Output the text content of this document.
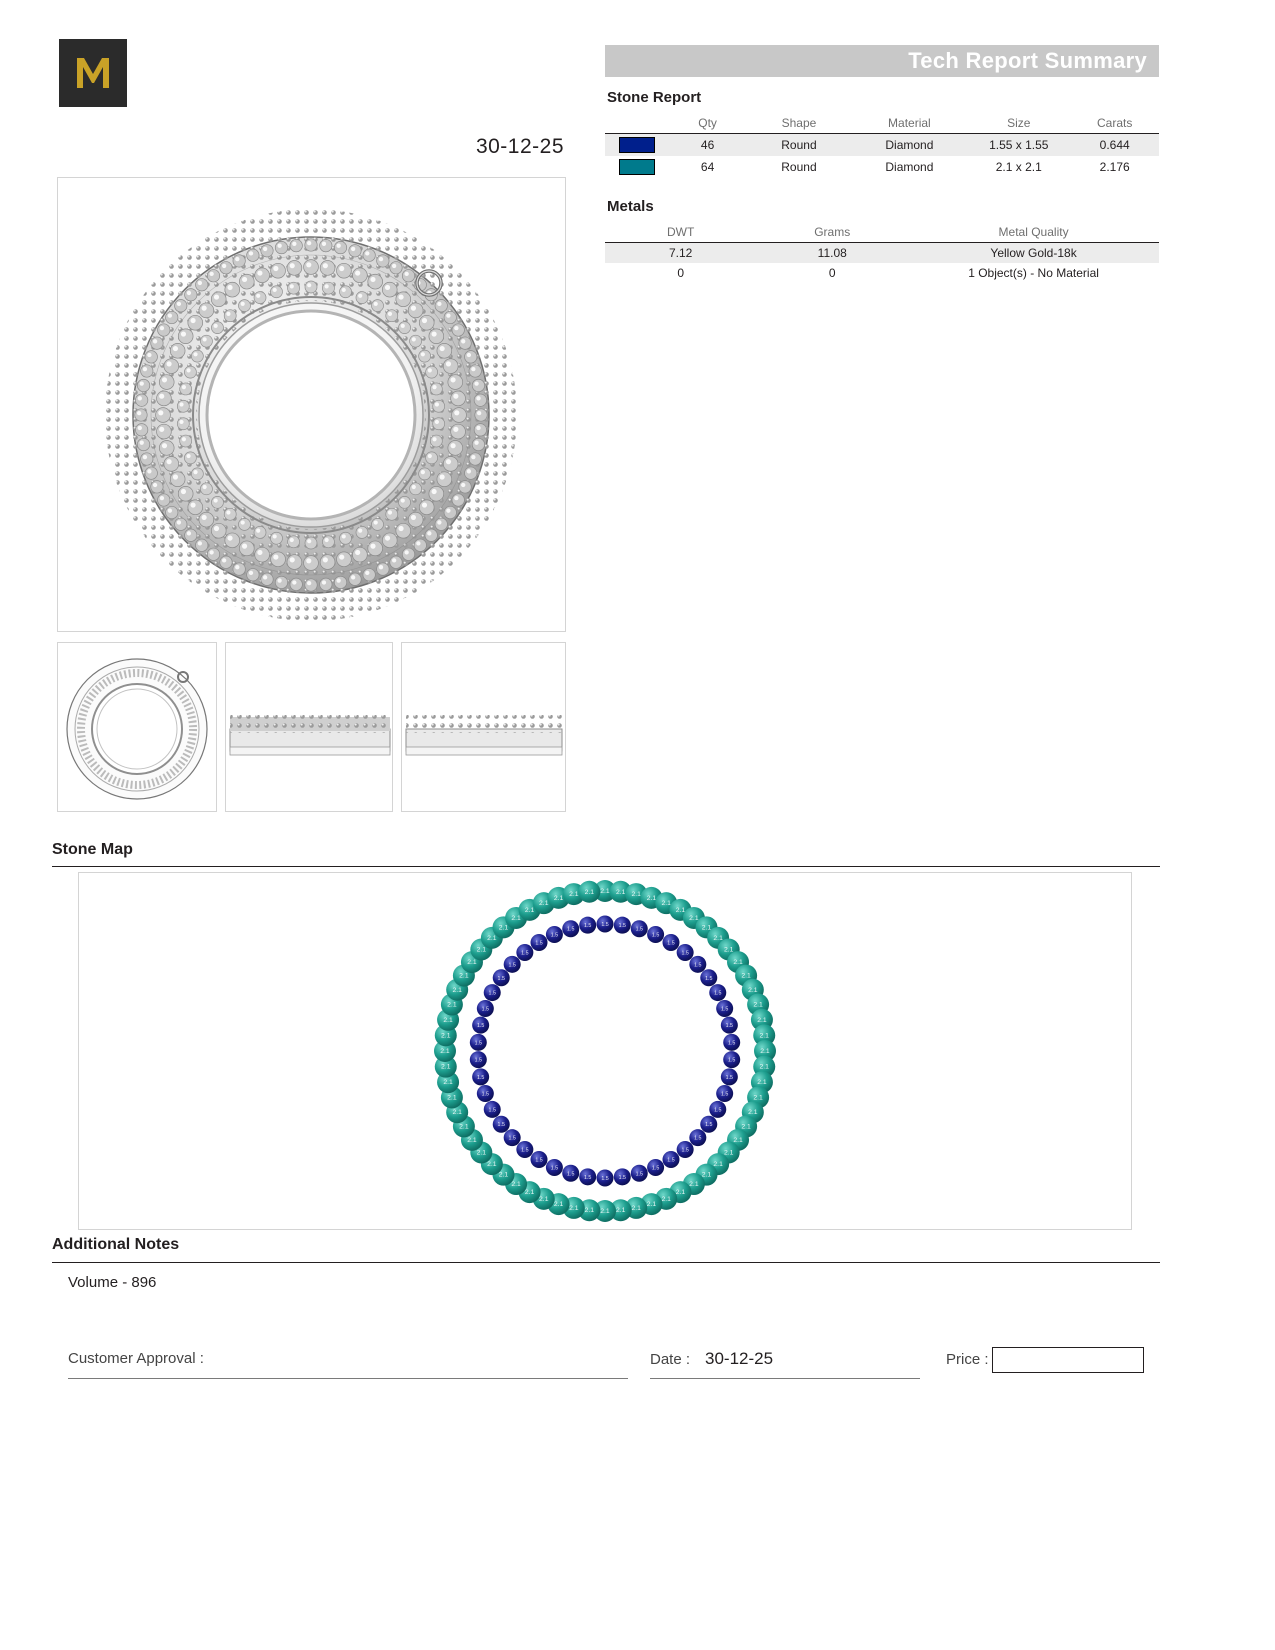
30-12-25
Tech Report Summary
Stone Report
	Qty	Shape	Material	Size	Carats
	46	Round	Diamond	1.55 x 1.55	0.644
	64	Round	Diamond	2.1 x 2.1	2.176
Metals
DWT	Grams	Metal Quality
7.12	11.08	Yellow Gold-18k
0	0	1 Object(s) - No Material
Stone Map
2.1 2.1 2.1
2.1
2.1
2.1
2.1
2.1
2.1
2.1
2.1
2.1
2.1
2.1
2.1
2.1
2.1
2.1
2.1
2.1
2.1
2.1
2.1
2.1
2.1
2.1
2.1
2.1
2.1
2.1
2.1
2.1
2.1
2.1
2.1
2.1
2.1
2.1
2.1
2.1
2.1
2.1
2.1
2.1
2.1
2.1
2.1
2.1
2.1
2.1
2.1
2.1
2.1
2.1
2.1
2.1
2.1
2.1
2.1
2.1
2.1
2.1
2.1 2.1
1.5 1.5
1.5
1.5
1.5
1.5
1.5
1.5
1.5
1.5
1.5
1.5
1.5
1.5
1.5
1.5
1.5
1.5
1.5
1.5
1.5
1.5
1.5
1.5
1.5
1.5
1.5
1.5
1.5
1.5
1.5
1.5
1.5
1.5
1.5
1.5
1.5
1.5
1.5
1.5
1.5
1.5
1.5
1.5
1.5
1.5
Additional Notes
Volume - 896
Customer Approval :	Date : 30-12-25	Price :
